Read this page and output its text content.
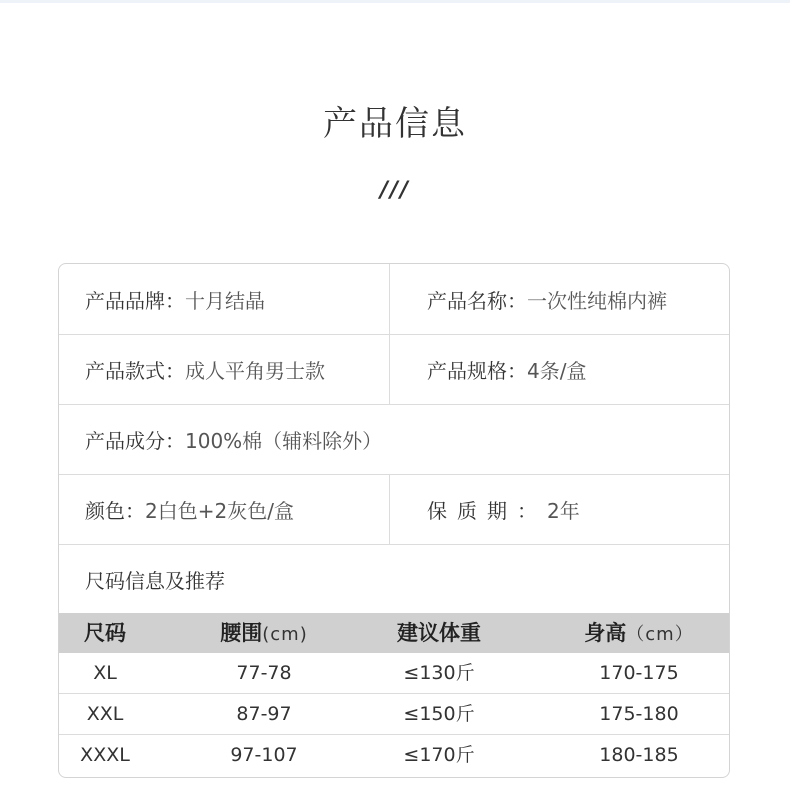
产品信息
///
产品品牌： 十月结晶	产品名称： 一次性纯棉内裤
产品款式： 成人平角男士款	产品规格： 4条/盒
产品成分： 100%棉（辅料除外）
颜色： 2白色+2灰色/盒	保质期： 2年
尺码信息及推荐
尺码	腰围(cm)	建议体重	身高（cm）
XL	77-78	≤130斤	170-175
XXL	87-97	≤150斤	175-180
XXXL	97-107	≤170斤	180-185
